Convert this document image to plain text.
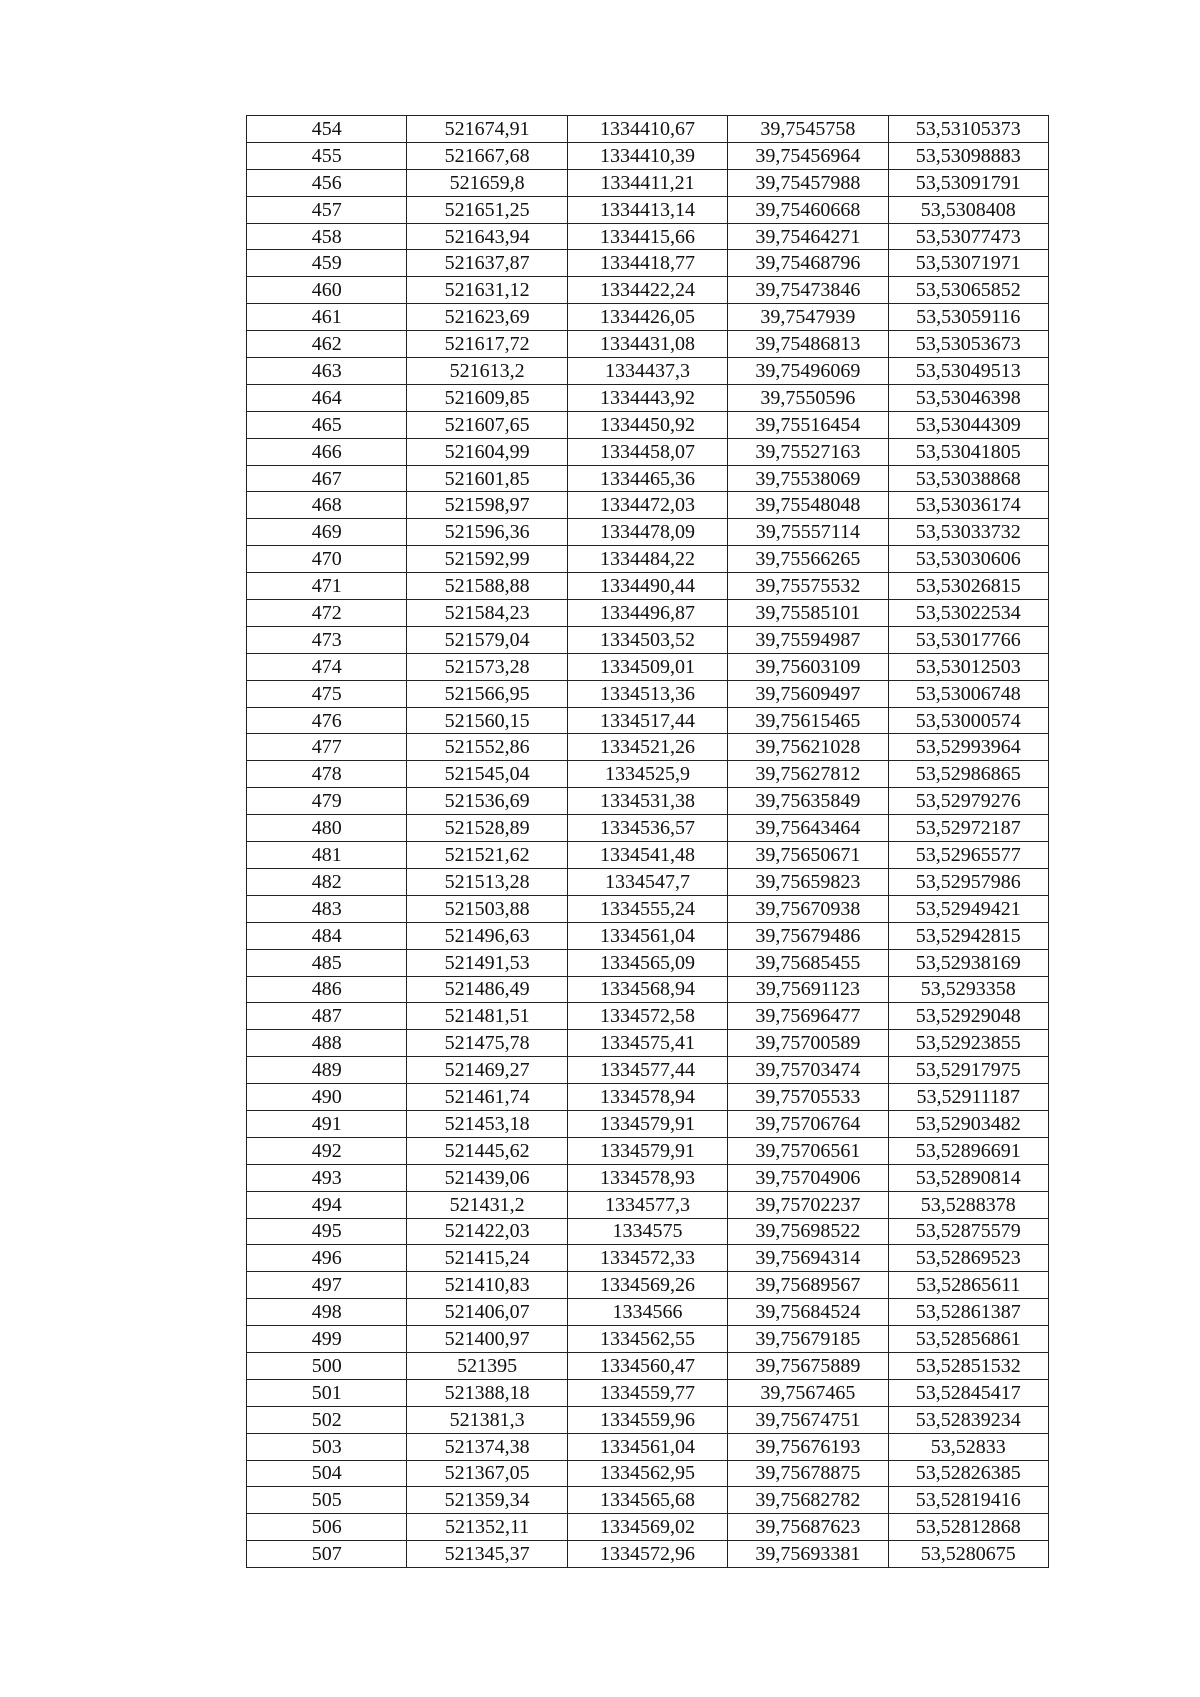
454	521674,91	1334410,67	39,7545758	53,53105373
455	521667,68	1334410,39	39,75456964	53,53098883
456	521659,8	1334411,21	39,75457988	53,53091791
457	521651,25	1334413,14	39,75460668	53,5308408
458	521643,94	1334415,66	39,75464271	53,53077473
459	521637,87	1334418,77	39,75468796	53,53071971
460	521631,12	1334422,24	39,75473846	53,53065852
461	521623,69	1334426,05	39,7547939	53,53059116
462	521617,72	1334431,08	39,75486813	53,53053673
463	521613,2	1334437,3	39,75496069	53,53049513
464	521609,85	1334443,92	39,7550596	53,53046398
465	521607,65	1334450,92	39,75516454	53,53044309
466	521604,99	1334458,07	39,75527163	53,53041805
467	521601,85	1334465,36	39,75538069	53,53038868
468	521598,97	1334472,03	39,75548048	53,53036174
469	521596,36	1334478,09	39,75557114	53,53033732
470	521592,99	1334484,22	39,75566265	53,53030606
471	521588,88	1334490,44	39,75575532	53,53026815
472	521584,23	1334496,87	39,75585101	53,53022534
473	521579,04	1334503,52	39,75594987	53,53017766
474	521573,28	1334509,01	39,75603109	53,53012503
475	521566,95	1334513,36	39,75609497	53,53006748
476	521560,15	1334517,44	39,75615465	53,53000574
477	521552,86	1334521,26	39,75621028	53,52993964
478	521545,04	1334525,9	39,75627812	53,52986865
479	521536,69	1334531,38	39,75635849	53,52979276
480	521528,89	1334536,57	39,75643464	53,52972187
481	521521,62	1334541,48	39,75650671	53,52965577
482	521513,28	1334547,7	39,75659823	53,52957986
483	521503,88	1334555,24	39,75670938	53,52949421
484	521496,63	1334561,04	39,75679486	53,52942815
485	521491,53	1334565,09	39,75685455	53,52938169
486	521486,49	1334568,94	39,75691123	53,5293358
487	521481,51	1334572,58	39,75696477	53,52929048
488	521475,78	1334575,41	39,75700589	53,52923855
489	521469,27	1334577,44	39,75703474	53,52917975
490	521461,74	1334578,94	39,75705533	53,52911187
491	521453,18	1334579,91	39,75706764	53,52903482
492	521445,62	1334579,91	39,75706561	53,52896691
493	521439,06	1334578,93	39,75704906	53,52890814
494	521431,2	1334577,3	39,75702237	53,5288378
495	521422,03	1334575	39,75698522	53,52875579
496	521415,24	1334572,33	39,75694314	53,52869523
497	521410,83	1334569,26	39,75689567	53,52865611
498	521406,07	1334566	39,75684524	53,52861387
499	521400,97	1334562,55	39,75679185	53,52856861
500	521395	1334560,47	39,75675889	53,52851532
501	521388,18	1334559,77	39,7567465	53,52845417
502	521381,3	1334559,96	39,75674751	53,52839234
503	521374,38	1334561,04	39,75676193	53,52833
504	521367,05	1334562,95	39,75678875	53,52826385
505	521359,34	1334565,68	39,75682782	53,52819416
506	521352,11	1334569,02	39,75687623	53,52812868
507	521345,37	1334572,96	39,75693381	53,5280675
